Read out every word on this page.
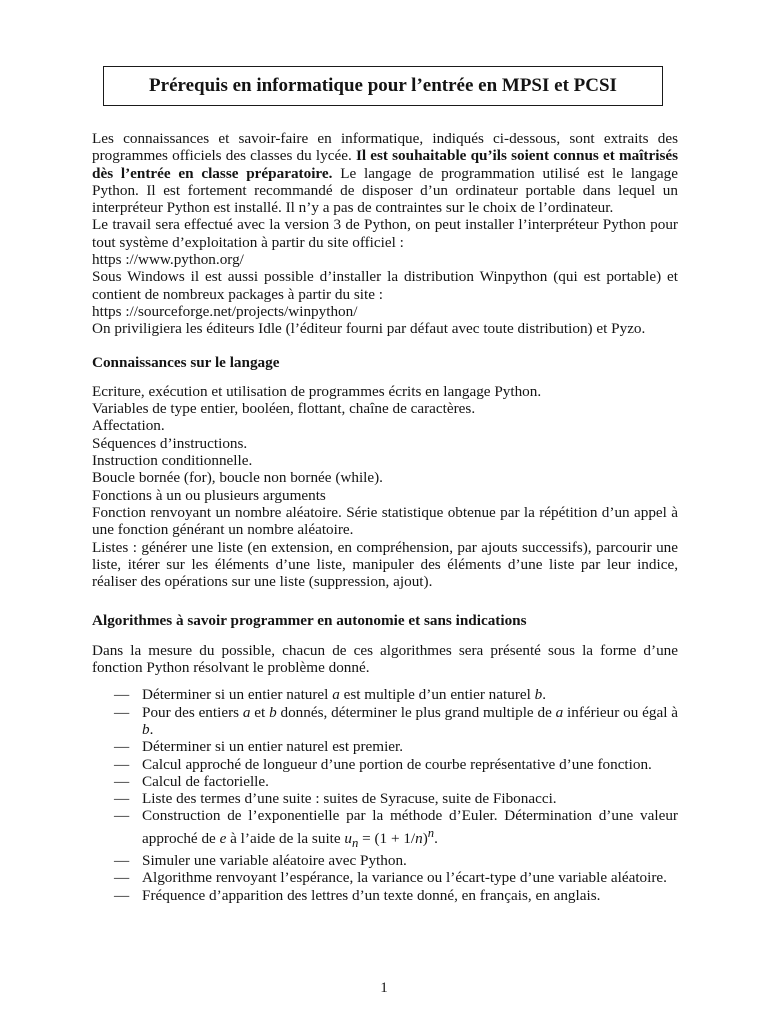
Prérequis en informatique pour l’entrée en MPSI et PCSI

Les connaissances et savoir-faire en informatique, indiqués ci-dessous, sont extraits des programmes officiels des classes du lycée. Il est souhaitable qu’ils soient connus et maîtrisés dès l’entrée en classe préparatoire. Le langage de programmation utilisé est le langage Python. Il est fortement recommandé de disposer d’un ordinateur portable dans lequel un interpréteur Python est installé. Il n’y a pas de contraintes sur le choix de l’ordinateur.

Le travail sera effectué avec la version 3 de Python, on peut installer l’interpréteur Python pour tout système d’exploitation à partir du site officiel :

https ://www.python.org/

Sous Windows il est aussi possible d’installer la distribution Winpython (qui est portable) et contient de nombreux packages à partir du site :

https ://sourceforge.net/projects/winpython/

On priviligiera les éditeurs Idle (l’éditeur fourni par défaut avec toute distribution) et Pyzo.

Connaissances sur le langage

Ecriture, exécution et utilisation de programmes écrits en langage Python.

Variables de type entier, booléen, flottant, chaîne de caractères.

Affectation.

Séquences d’instructions.

Instruction conditionnelle.

Boucle bornée (for), boucle non bornée (while).

Fonctions à un ou plusieurs arguments

Fonction renvoyant un nombre aléatoire. Série statistique obtenue par la répétition d’un appel à une fonction générant un nombre aléatoire.

Listes : générer une liste (en extension, en compréhension, par ajouts successifs), parcourir une liste, itérer sur les éléments d’une liste, manipuler des éléments d’une liste par leur indice, réaliser des opérations sur une liste (suppression, ajout).

Algorithmes à savoir programmer en autonomie et sans indications

Dans la mesure du possible, chacun de ces algorithmes sera présenté sous la forme d’une fonction Python résolvant le problème donné.

— Déterminer si un entier naturel a est multiple d’un entier naturel b.
— Pour des entiers a et b donnés, déterminer le plus grand multiple de a inférieur ou égal à b.
— Déterminer si un entier naturel est premier.
— Calcul approché de longueur d’une portion de courbe représentative d’une fonction.
— Calcul de factorielle.
— Liste des termes d’une suite : suites de Syracuse, suite de Fibonacci.
— Construction de l’exponentielle par la méthode d’Euler. Détermination d’une valeur approché de e à l’aide de la suite $u_n = (1 + 1/n)^n$.
— Simuler une variable aléatoire avec Python.
— Algorithme renvoyant l’espérance, la variance ou l’écart-type d’une variable aléatoire.
— Fréquence d’apparition des lettres d’un texte donné, en français, en anglais.
1
